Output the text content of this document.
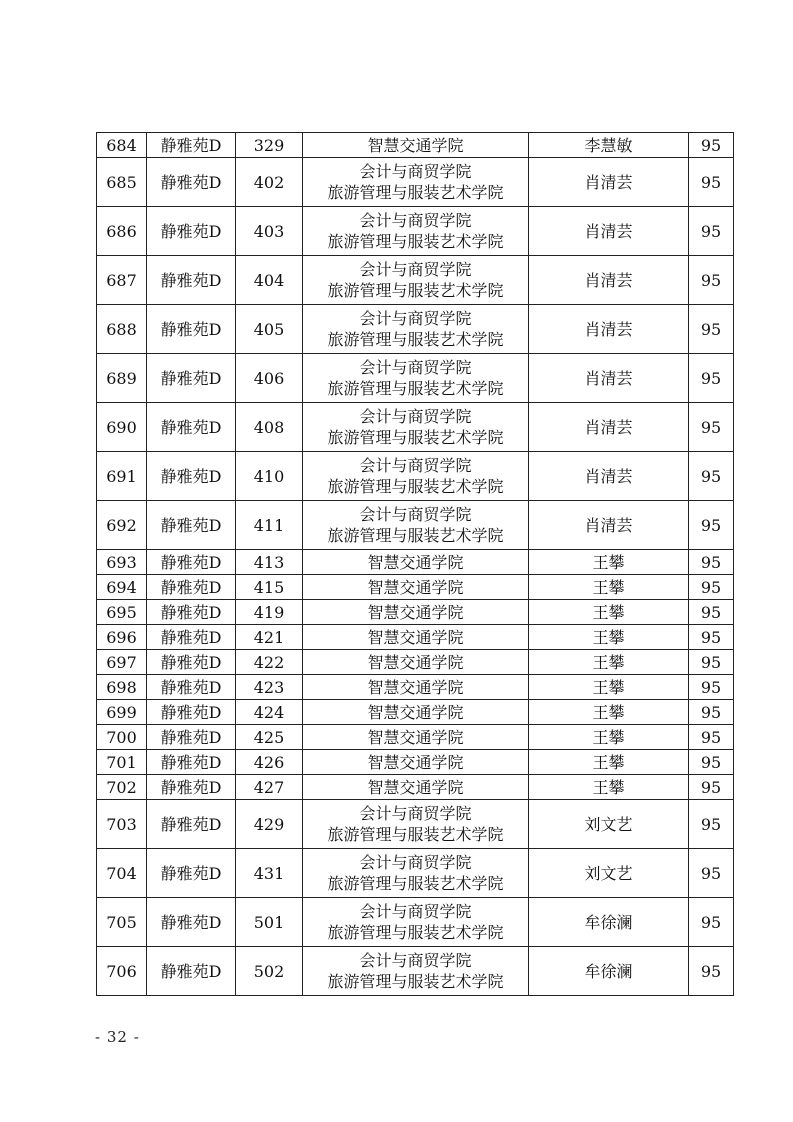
684	静雅苑D	329	智慧交通学院	李慧敏	95
685	静雅苑D	402	会计与商贸学院
旅游管理与服装艺术学院	肖清芸	95
686	静雅苑D	403	会计与商贸学院
旅游管理与服装艺术学院	肖清芸	95
687	静雅苑D	404	会计与商贸学院
旅游管理与服装艺术学院	肖清芸	95
688	静雅苑D	405	会计与商贸学院
旅游管理与服装艺术学院	肖清芸	95
689	静雅苑D	406	会计与商贸学院
旅游管理与服装艺术学院	肖清芸	95
690	静雅苑D	408	会计与商贸学院
旅游管理与服装艺术学院	肖清芸	95
691	静雅苑D	410	会计与商贸学院
旅游管理与服装艺术学院	肖清芸	95
692	静雅苑D	411	会计与商贸学院
旅游管理与服装艺术学院	肖清芸	95
693	静雅苑D	413	智慧交通学院	王攀	95
694	静雅苑D	415	智慧交通学院	王攀	95
695	静雅苑D	419	智慧交通学院	王攀	95
696	静雅苑D	421	智慧交通学院	王攀	95
697	静雅苑D	422	智慧交通学院	王攀	95
698	静雅苑D	423	智慧交通学院	王攀	95
699	静雅苑D	424	智慧交通学院	王攀	95
700	静雅苑D	425	智慧交通学院	王攀	95
701	静雅苑D	426	智慧交通学院	王攀	95
702	静雅苑D	427	智慧交通学院	王攀	95
703	静雅苑D	429	会计与商贸学院
旅游管理与服装艺术学院	刘文艺	95
704	静雅苑D	431	会计与商贸学院
旅游管理与服装艺术学院	刘文艺	95
705	静雅苑D	501	会计与商贸学院
旅游管理与服装艺术学院	牟徐澜	95
706	静雅苑D	502	会计与商贸学院
旅游管理与服装艺术学院	牟徐澜	95
- 32 -
